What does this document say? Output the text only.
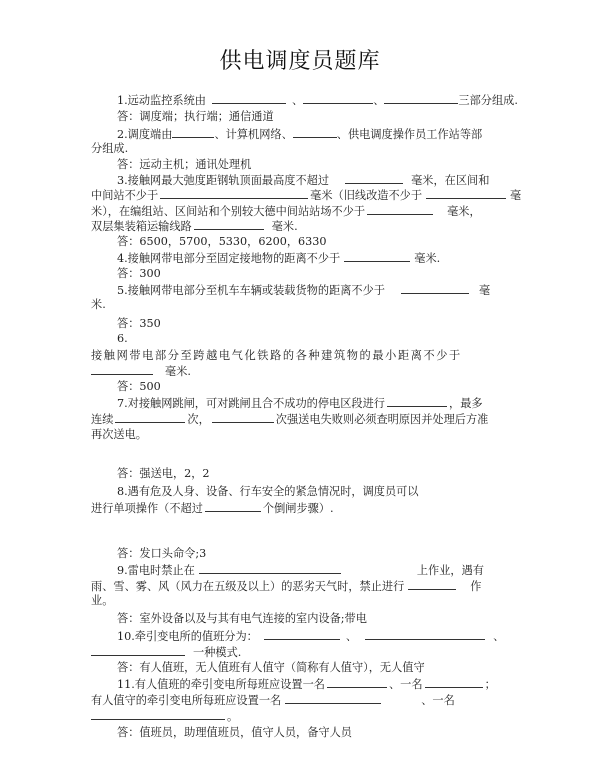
供电调度员题库
1.远动监控系统由	、	、	三部分组成.
答：调度端；执行端；通信通道
2.调度端由	、计算机网络、	、供电调度操作员工作站等部
分组成.
答：远动主机；通讯处理机
3.接触网最大弛度距钢轨顶面最高度不超过	毫米，在区间和
中间站不少于	毫米（旧线改造不少于	毫
米），在编组站、区间站和个别较大德中间站站场不少于	毫米，
双层集装箱运输线路	毫米.
答：6500，5700，5330，6200，6330
4.接触网带电部分至固定接地物的距离不少于	毫米.
答：300
5.接触网带电部分至机车车辆或装载货物的距离不少于	毫
米.
答：350
6.
接触网带电部分至跨越电气化铁路的各种建筑物的最小距离不少于
毫米.
答：500
7.对接触网跳闸，可对跳闸且合不成功的停电区段进行	，最多
连续	次，	次强送电失败则必须查明原因并处理后方准
再次送电。
答：强送电，2，2
8.遇有危及人身、设备、行车安全的紧急情况时，调度员可以
进行单项操作（不超过	个倒闸步骤）.
答：发口头命令;3
9.雷电时禁止在	上作业，遇有
雨、雪、雾、风（风力在五级及以上）的恶劣天气时，禁止进行	作
业。
答：室外设备以及与其有电气连接的室内设备;带电
10.牵引变电所的值班分为：	、	、
一种模式.
答：有人值班，无人值班有人值守（简称有人值守），无人值守
11.有人值班的牵引变电所每班应设置一名	、一名	；
有人值守的牵引变电所每班应设置一名	、一名
。
答：值班员，助理值班员，值守人员，备守人员
